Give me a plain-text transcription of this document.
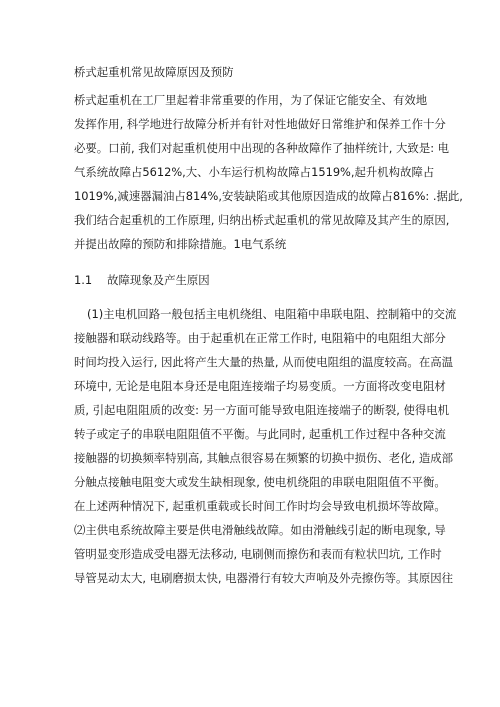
桥式起重机常见故障原因及预防
桥式起重机在工厂里起着非常重要的作用，为了保证它能安全、有效地
发挥作用, 科学地进行故障分析并有针对性地做好日常维护和保养工作十分
必要。口前, 我们对起重机使用中出现的各种故障作了抽样统计, 大致是: 电
气系统故障占5612%,大、小车运行机构故障占1519%,起升机构故障占
1019%,减速器漏油占814%,安装缺陷或其他原因造成的故障占816%: .据此,
我们结合起重机的工作原理, 归纳出桥式起重机的常见故障及其产生的原因,
并提出故障的预防和排除措施。1电气系统
1.1　 故障现象及产生原因
(1)主电机回路一般包括主电机绕组、电阻箱中串联电阻、控制箱中的交流
接触器和联动线路等。由于起重机在正常工作时, 电阻箱中的电阻组大部分
时间均投入运行, 因此将产生大量的热量, 从而使电阻组的温度较高。在高温
环境中, 无论是电阻本身还是电阻连接端子均易变质。一方面将改变电阻材
质, 引起电阻阻质的改变: 另一方面可能导致电阻连接端子的断裂, 使得电机
转子或定子的串联电阻阻值不平衡。与此同时, 起重机工作过程中各种交流
接触器的切换频率特别高, 其触点很容易在频繁的切换中损伤、老化, 造成部
分触点接触电阻变大或发生缺相现象, 使电机绕阻的串联电阻阻值不平衡。
在上述两种情况下, 起重机重载或长时间工作时均会导致电机损坏等故障。
⑵主供电系统故障主要是供电滑触线故障。如由滑触线引起的断电现象, 导
管明显变形造成受电器无法移动, 电刷侧而擦伤和表而有粒状凹坑, 工作时
导管晃动太大, 电刷磨损太快, 电器滑行有较大声响及外壳擦伤等。其原因往
